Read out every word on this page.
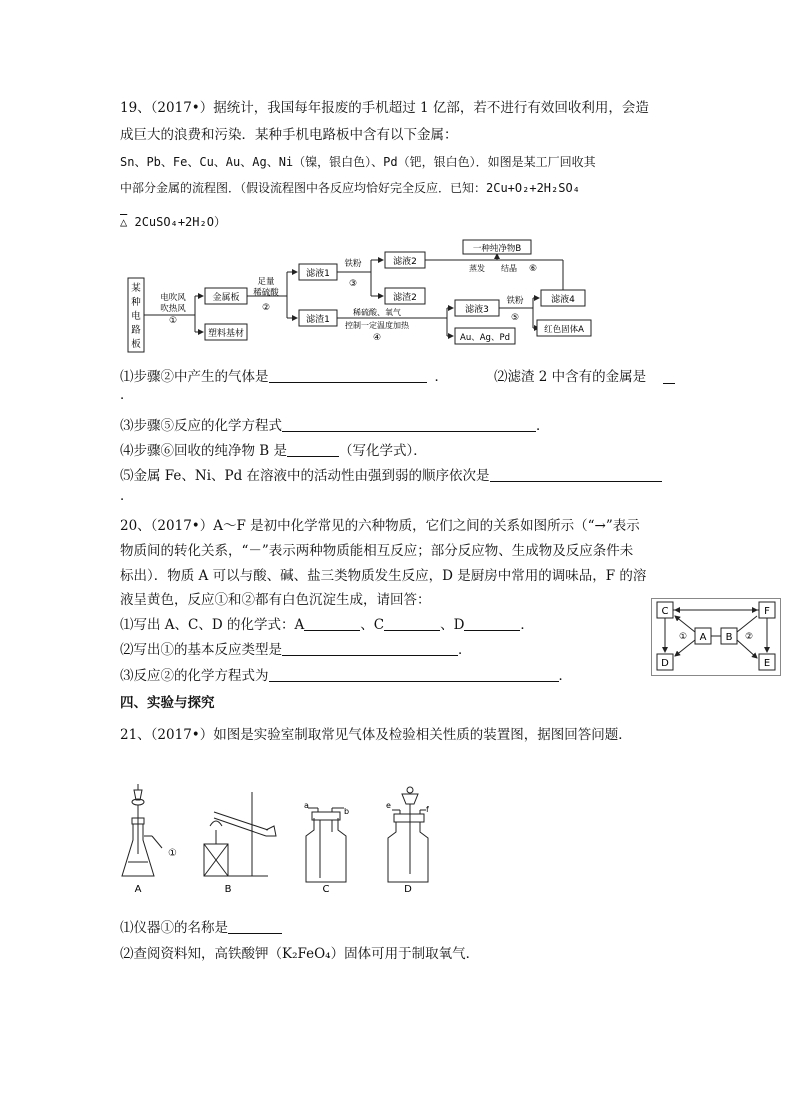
19、（2017•）据统计，我国每年报废的手机超过 1 亿部，若不进行有效回收利用，会造
成巨大的浪费和污染．某种手机电路板中含有以下金属：
Sn、Pb、Fe、Cu、Au、Ag、Ni（镍，银白色）、Pd（钯，银白色）．如图是某工厂回收其
中部分金属的流程图．（假设流程图中各反应均恰好完全反应．已知：2Cu+O₂+2H₂SO₄
△ 2CuSO₄+2H₂O）
某
种
电
路
板
电吹风
吹热风
①
金属板
塑料基材
足量
稀硫酸
②
滤液1
滤渣1
铁粉
③
滤液2
滤渣2
稀硫酸、氧气
控制一定温度加热
④
滤液3
Au、Ag、Pd
铁粉
⑤
滤液4
红色固体A
蒸发 结晶 ⑥
一种纯净物B
⑴步骤②中产生的气体是	．	⑵滤渣 2 中含有的金属是
．
⑶步骤⑤反应的化学方程式	．
⑷步骤⑥回收的纯净物 B 是	（写化学式）．
⑸金属 Fe、Ni、Pd 在溶液中的活动性由强到弱的顺序依次是
．
20、（2017•）A～F 是初中化学常见的六种物质，它们之间的关系如图所示（“→”表示
物质间的转化关系，“－”表示两种物质能相互反应；部分反应物、生成物及反应条件未
标出）．物质 A 可以与酸、碱、盐三类物质发生反应，D 是厨房中常用的调味品，F 的溶
液呈黄色，反应①和②都有白色沉淀生成，请回答：
⑴写出 A、C、D 的化学式：A	、C	、D	．
⑵写出①的基本反应类型是	．
⑶反应②的化学方程式为	．
C
D
F
E
A B
①	②
四、实验与探究
21、（2017•）如图是实验室制取常见气体及检验相关性质的装置图，据图回答问题．
①
A	B
a
b
C
e	f
D
⑴仪器①的名称是
⑵查阅资料知，高铁酸钾（K₂FeO₄）固体可用于制取氧气．
